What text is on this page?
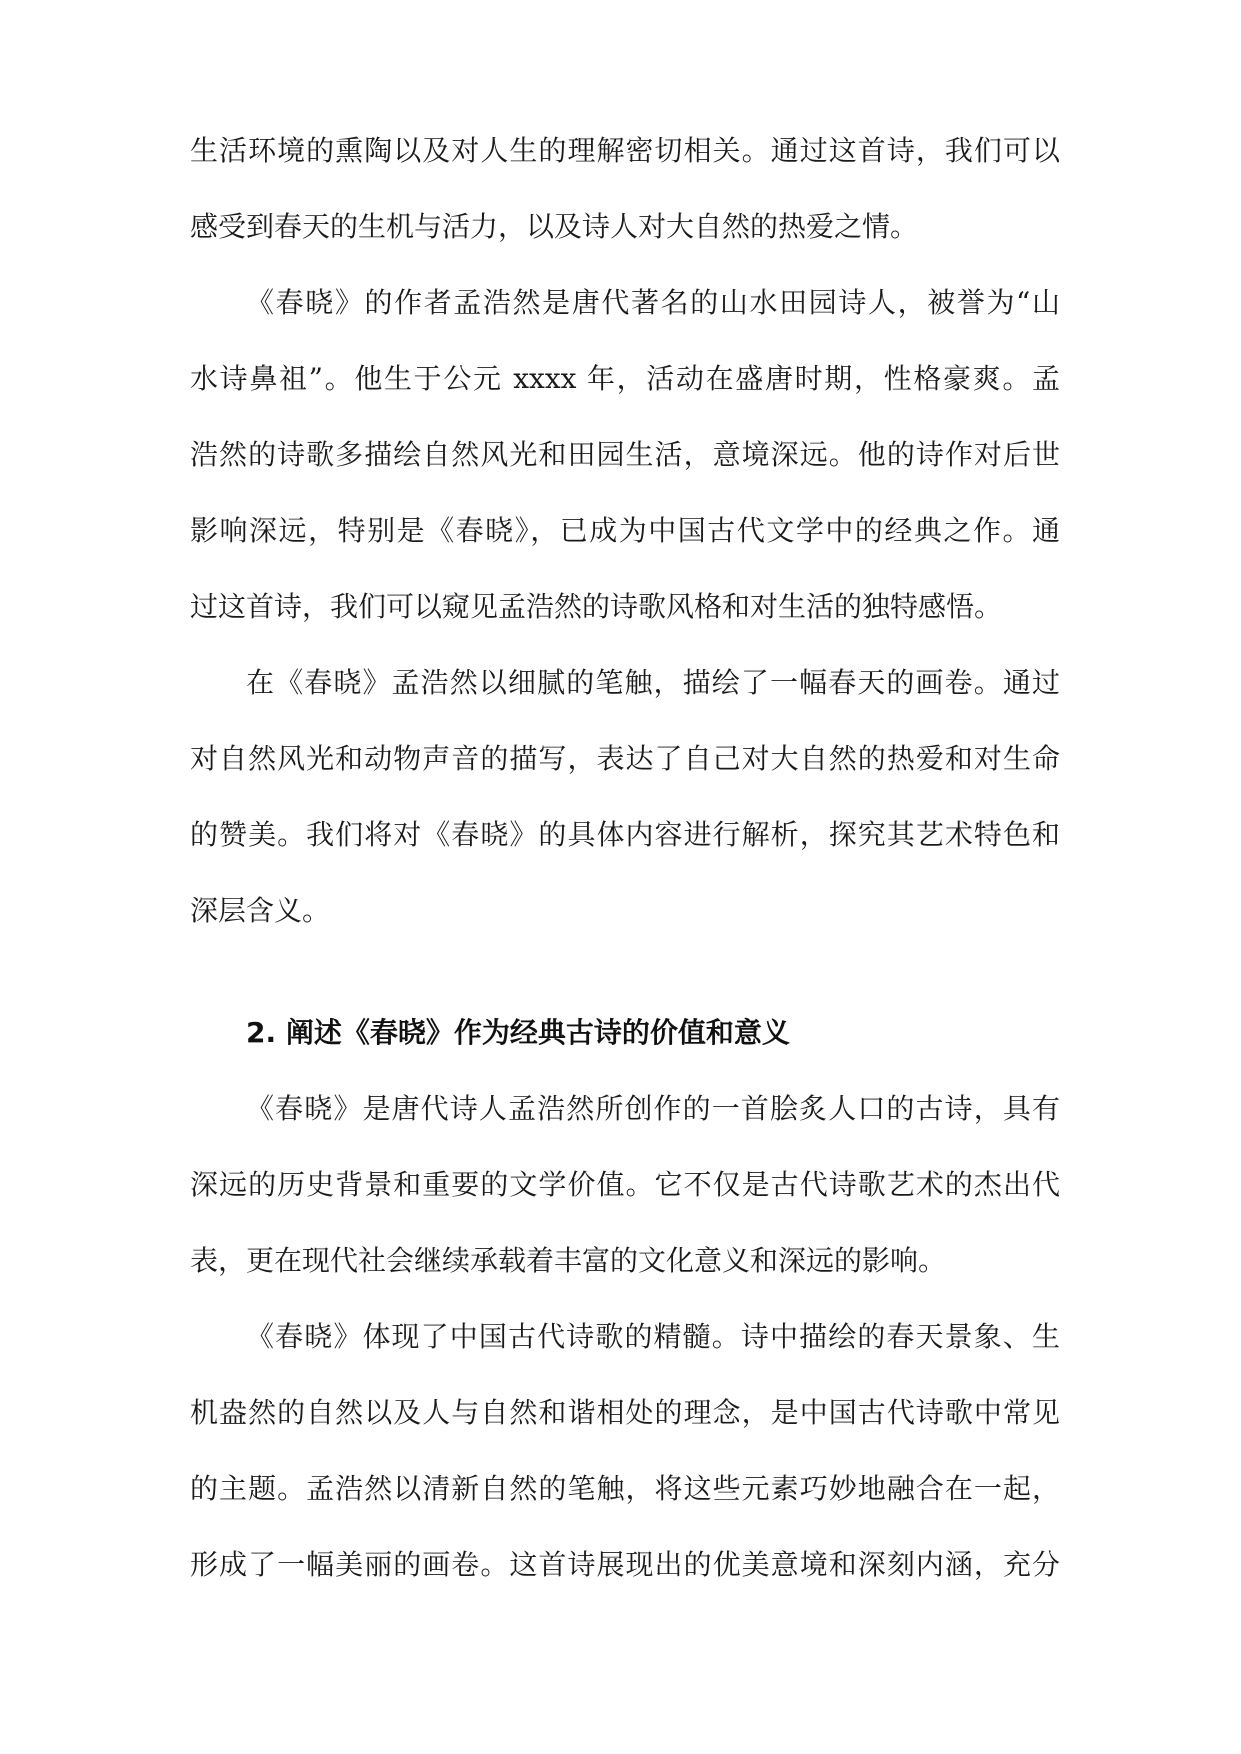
生活环境的熏陶以及对人生的理解密切相关。通过这首诗，我们可以
感受到春天的生机与活力，以及诗人对大自然的热爱之情。
《春晓》的作者孟浩然是唐代著名的山水田园诗人，被誉为“山
水诗鼻祖”。他生于公元 xxxx 年，活动在盛唐时期，性格豪爽。孟
浩然的诗歌多描绘自然风光和田园生活，意境深远。他的诗作对后世
影响深远，特别是《春晓》，已成为中国古代文学中的经典之作。通
过这首诗，我们可以窥见孟浩然的诗歌风格和对生活的独特感悟。
在《春晓》孟浩然以细腻的笔触，描绘了一幅春天的画卷。通过
对自然风光和动物声音的描写，表达了自己对大自然的热爱和对生命
的赞美。我们将对《春晓》的具体内容进行解析，探究其艺术特色和
深层含义。
2. 阐述《春晓》作为经典古诗的价值和意义
《春晓》是唐代诗人孟浩然所创作的一首脍炙人口的古诗，具有
深远的历史背景和重要的文学价值。它不仅是古代诗歌艺术的杰出代
表，更在现代社会继续承载着丰富的文化意义和深远的影响。
《春晓》体现了中国古代诗歌的精髓。诗中描绘的春天景象、生
机盎然的自然以及人与自然和谐相处的理念，是中国古代诗歌中常见
的主题。孟浩然以清新自然的笔触，将这些元素巧妙地融合在一起，
形成了一幅美丽的画卷。这首诗展现出的优美意境和深刻内涵，充分
